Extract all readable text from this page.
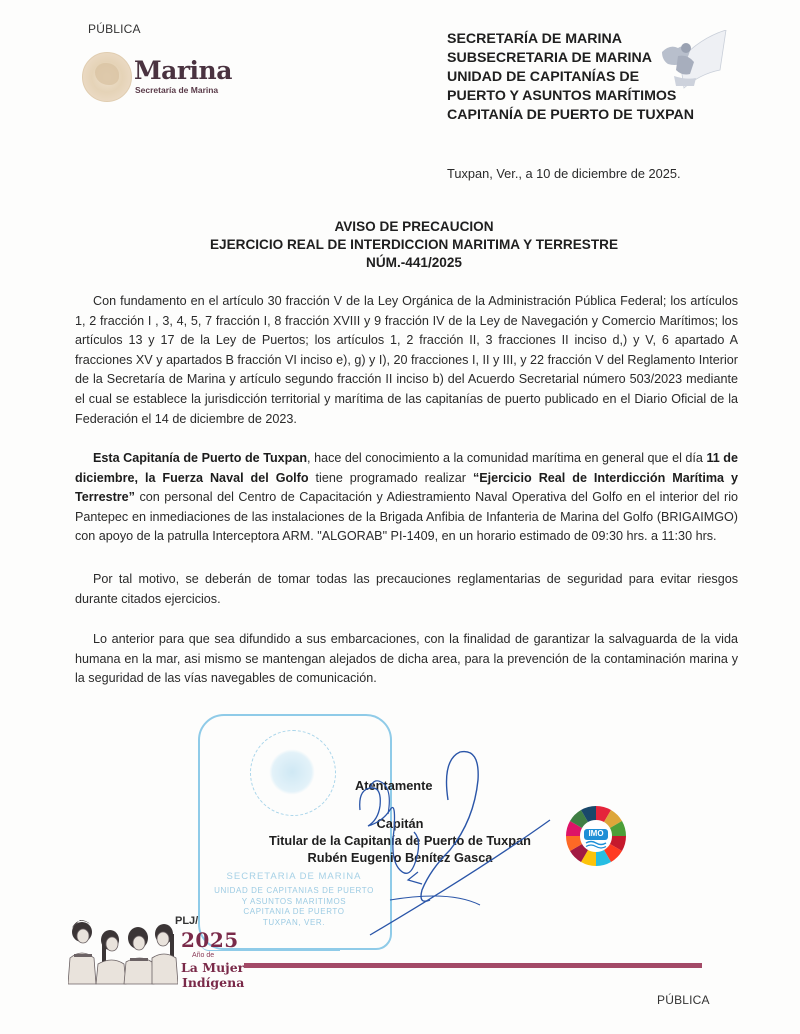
PÚBLICA
Marina
Secretaría de Marina
SECRETARÍA DE MARINA
SUBSECRETARIA DE MARINA
UNIDAD DE CAPITANÍAS DE
PUERTO Y ASUNTOS MARÍTIMOS
CAPITANÍA DE PUERTO DE TUXPAN
Tuxpan, Ver., a 10 de diciembre de 2025.
AVISO DE PRECAUCION
EJERCICIO REAL DE INTERDICCION MARITIMA Y TERRESTRE
NÚM.-441/2025
Con fundamento en el artículo 30 fracción V de la Ley Orgánica de la Administración Pública Federal; los artículos 1, 2 fracción I , 3, 4, 5, 7 fracción I, 8 fracción XVIII y 9 fracción IV de la Ley de Navegación y Comercio Marítimos; los artículos 13 y 17 de la Ley de Puertos; los artículos 1, 2 fracción II, 3 fracciones II inciso d,) y V, 6 apartado A fracciones XV y apartados B fracción VI inciso e), g) y I), 20 fracciones I, II y III, y 22 fracción V del Reglamento Interior de la Secretaría de Marina y artículo segundo fracción II inciso b) del Acuerdo Secretarial número 503/2023 mediante el cual se establece la jurisdicción territorial y marítima de las capitanías de puerto publicado en el Diario Oficial de la Federación el 14 de diciembre de 2023.
Esta Capitanía de Puerto de Tuxpan, hace del conocimiento a la comunidad marítima en general que el día 11 de diciembre, la Fuerza Naval del Golfo tiene programado realizar “Ejercicio Real de Interdicción Marítima y Terrestre” con personal del Centro de Capacitación y Adiestramiento Naval Operativa del Golfo en el interior del rio Pantepec en inmediaciones de las instalaciones de la Brigada Anfibia de Infanteria de Marina del Golfo (BRIGAIMGO) con apoyo de la patrulla Interceptora ARM. "ALGORAB" PI-1409, en un horario estimado de 09:30 hrs. a 11:30 hrs.
Por tal motivo, se deberán de tomar todas las precauciones reglamentarias de seguridad para evitar riesgos durante citados ejercicios.
Lo anterior para que sea difundido a sus embarcaciones, con la finalidad de garantizar la salvaguarda de la vida humana en la mar, asi mismo se mantengan alejados de dicha area, para la prevención de la contaminación marina y la seguridad de las vías navegables de comunicación.
SECRETARIA DE MARINA
UNIDAD DE CAPITANIAS DE PUERTO
Y ASUNTOS MARITIMOS
CAPITANIA DE PUERTO
TUXPAN, VER.
Atentamente
Capitán
Titular de la Capitanía de Puerto de Tuxpan
Rubén Eugenio Benítez Gasca
IMO
PLJ/
2025
Año de
La Mujer
Indígena
PÚBLICA
